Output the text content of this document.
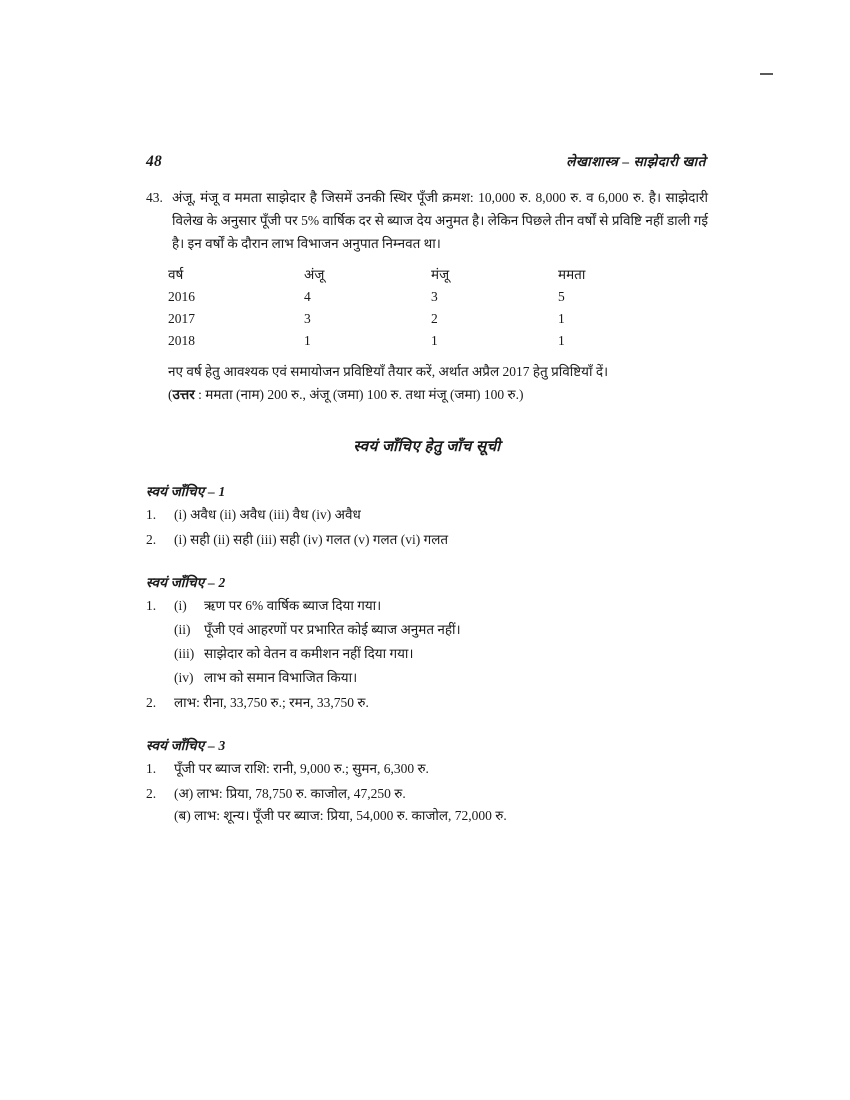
48	लेखाशास्त्र – साझेदारी खाते
43. अंजू, मंजू व ममता साझेदार है जिसमें उनकी स्थिर पूँजी क्रमश: 10,000 रु. 8,000 रु. व 6,000 रु. है। साझेदारी विलेख के अनुसार पूँजी पर 5% वार्षिक दर से ब्याज देय अनुमत है। लेकिन पिछले तीन वर्षों से प्रविष्टि नहीं डाली गई है। इन वर्षों के दौरान लाभ विभाजन अनुपात निम्नवत था।

वर्ष	अंजू	मंजू	ममता
2016	4	3	5
2017	3	2	1
2018	1	1	1

नए वर्ष हेतु आवश्यक एवं समायोजन प्रविष्टियाँ तैयार करें, अर्थात अप्रैल 2017 हेतु प्रविष्टियाँ दें।

(उत्तर : ममता (नाम) 200 रु., अंजू (जमा) 100 रु. तथा मंजू (जमा) 100 रु.)

स्वयं जाँचिए हेतु जाँच सूची
स्वयं जाँचिए – 1
1.	(i) अवैध (ii) अवैध (iii) वैध (iv) अवैध

2.	(i) सही (ii) सही (iii) सही (iv) गलत (v) गलत (vi) गलत

स्वयं जाँचिए – 2
1.	(i)	ऋण पर 6% वार्षिक ब्याज दिया गया।

(ii)	पूँजी एवं आहरणों पर प्रभारित कोई ब्याज अनुमत नहीं।

(iii) साझेदार को वेतन व कमीशन नहीं दिया गया।

(iv) लाभ को समान विभाजित किया।

2.	लाभ: रीना, 33,750 रु.; रमन, 33,750 रु.

स्वयं जाँचिए – 3
1.	पूँजी पर ब्याज राशि: रानी, 9,000 रु.; सुमन, 6,300 रु.

2.	(अ) लाभ: प्रिया, 78,750 रु. काजोल, 47,250 रु.

(ब) लाभ: शून्य। पूँजी पर ब्याज: प्रिया, 54,000 रु. काजोल, 72,000 रु.
